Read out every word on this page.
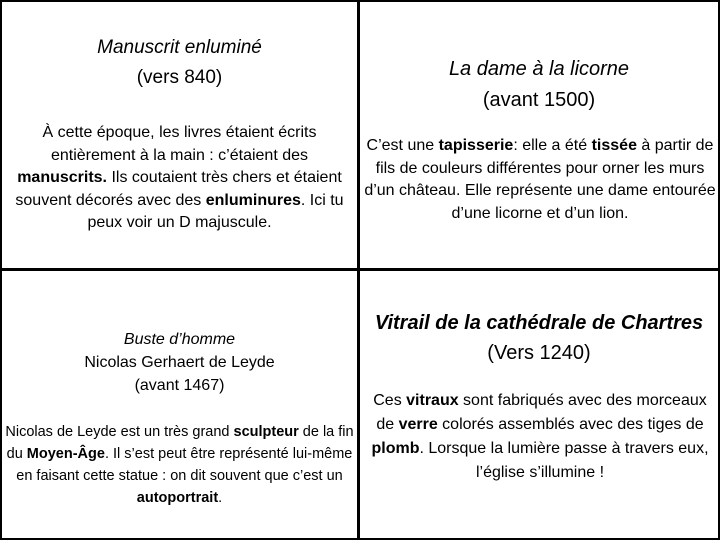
Manuscrit enluminé

(vers 840)

À cette époque, les livres étaient écrits entièrement à la main : c’étaient des manuscrits. Ils coutaient très chers et étaient souvent décorés avec des enluminures. Ici tu peux voir un D majuscule.

La dame à la licorne

(avant 1500)

C’est une tapisserie: elle a été tissée à partir de fils de couleurs différentes pour orner les murs d’un château. Elle représente une dame entourée d’une licorne et d’un lion.

Buste d’homme

Nicolas Gerhaert de Leyde

(avant 1467)

Nicolas de Leyde est un très grand sculpteur de la fin du Moyen-Âge. Il s’est peut être représenté lui-même en faisant cette statue : on dit souvent que c’est un autoportrait.

Vitrail de la cathédrale de Chartres

(Vers 1240)

Ces vitraux sont fabriqués avec des morceaux de verre colorés assemblés avec des tiges de plomb. Lorsque la lumière passe à travers eux, l’église s’illumine !
